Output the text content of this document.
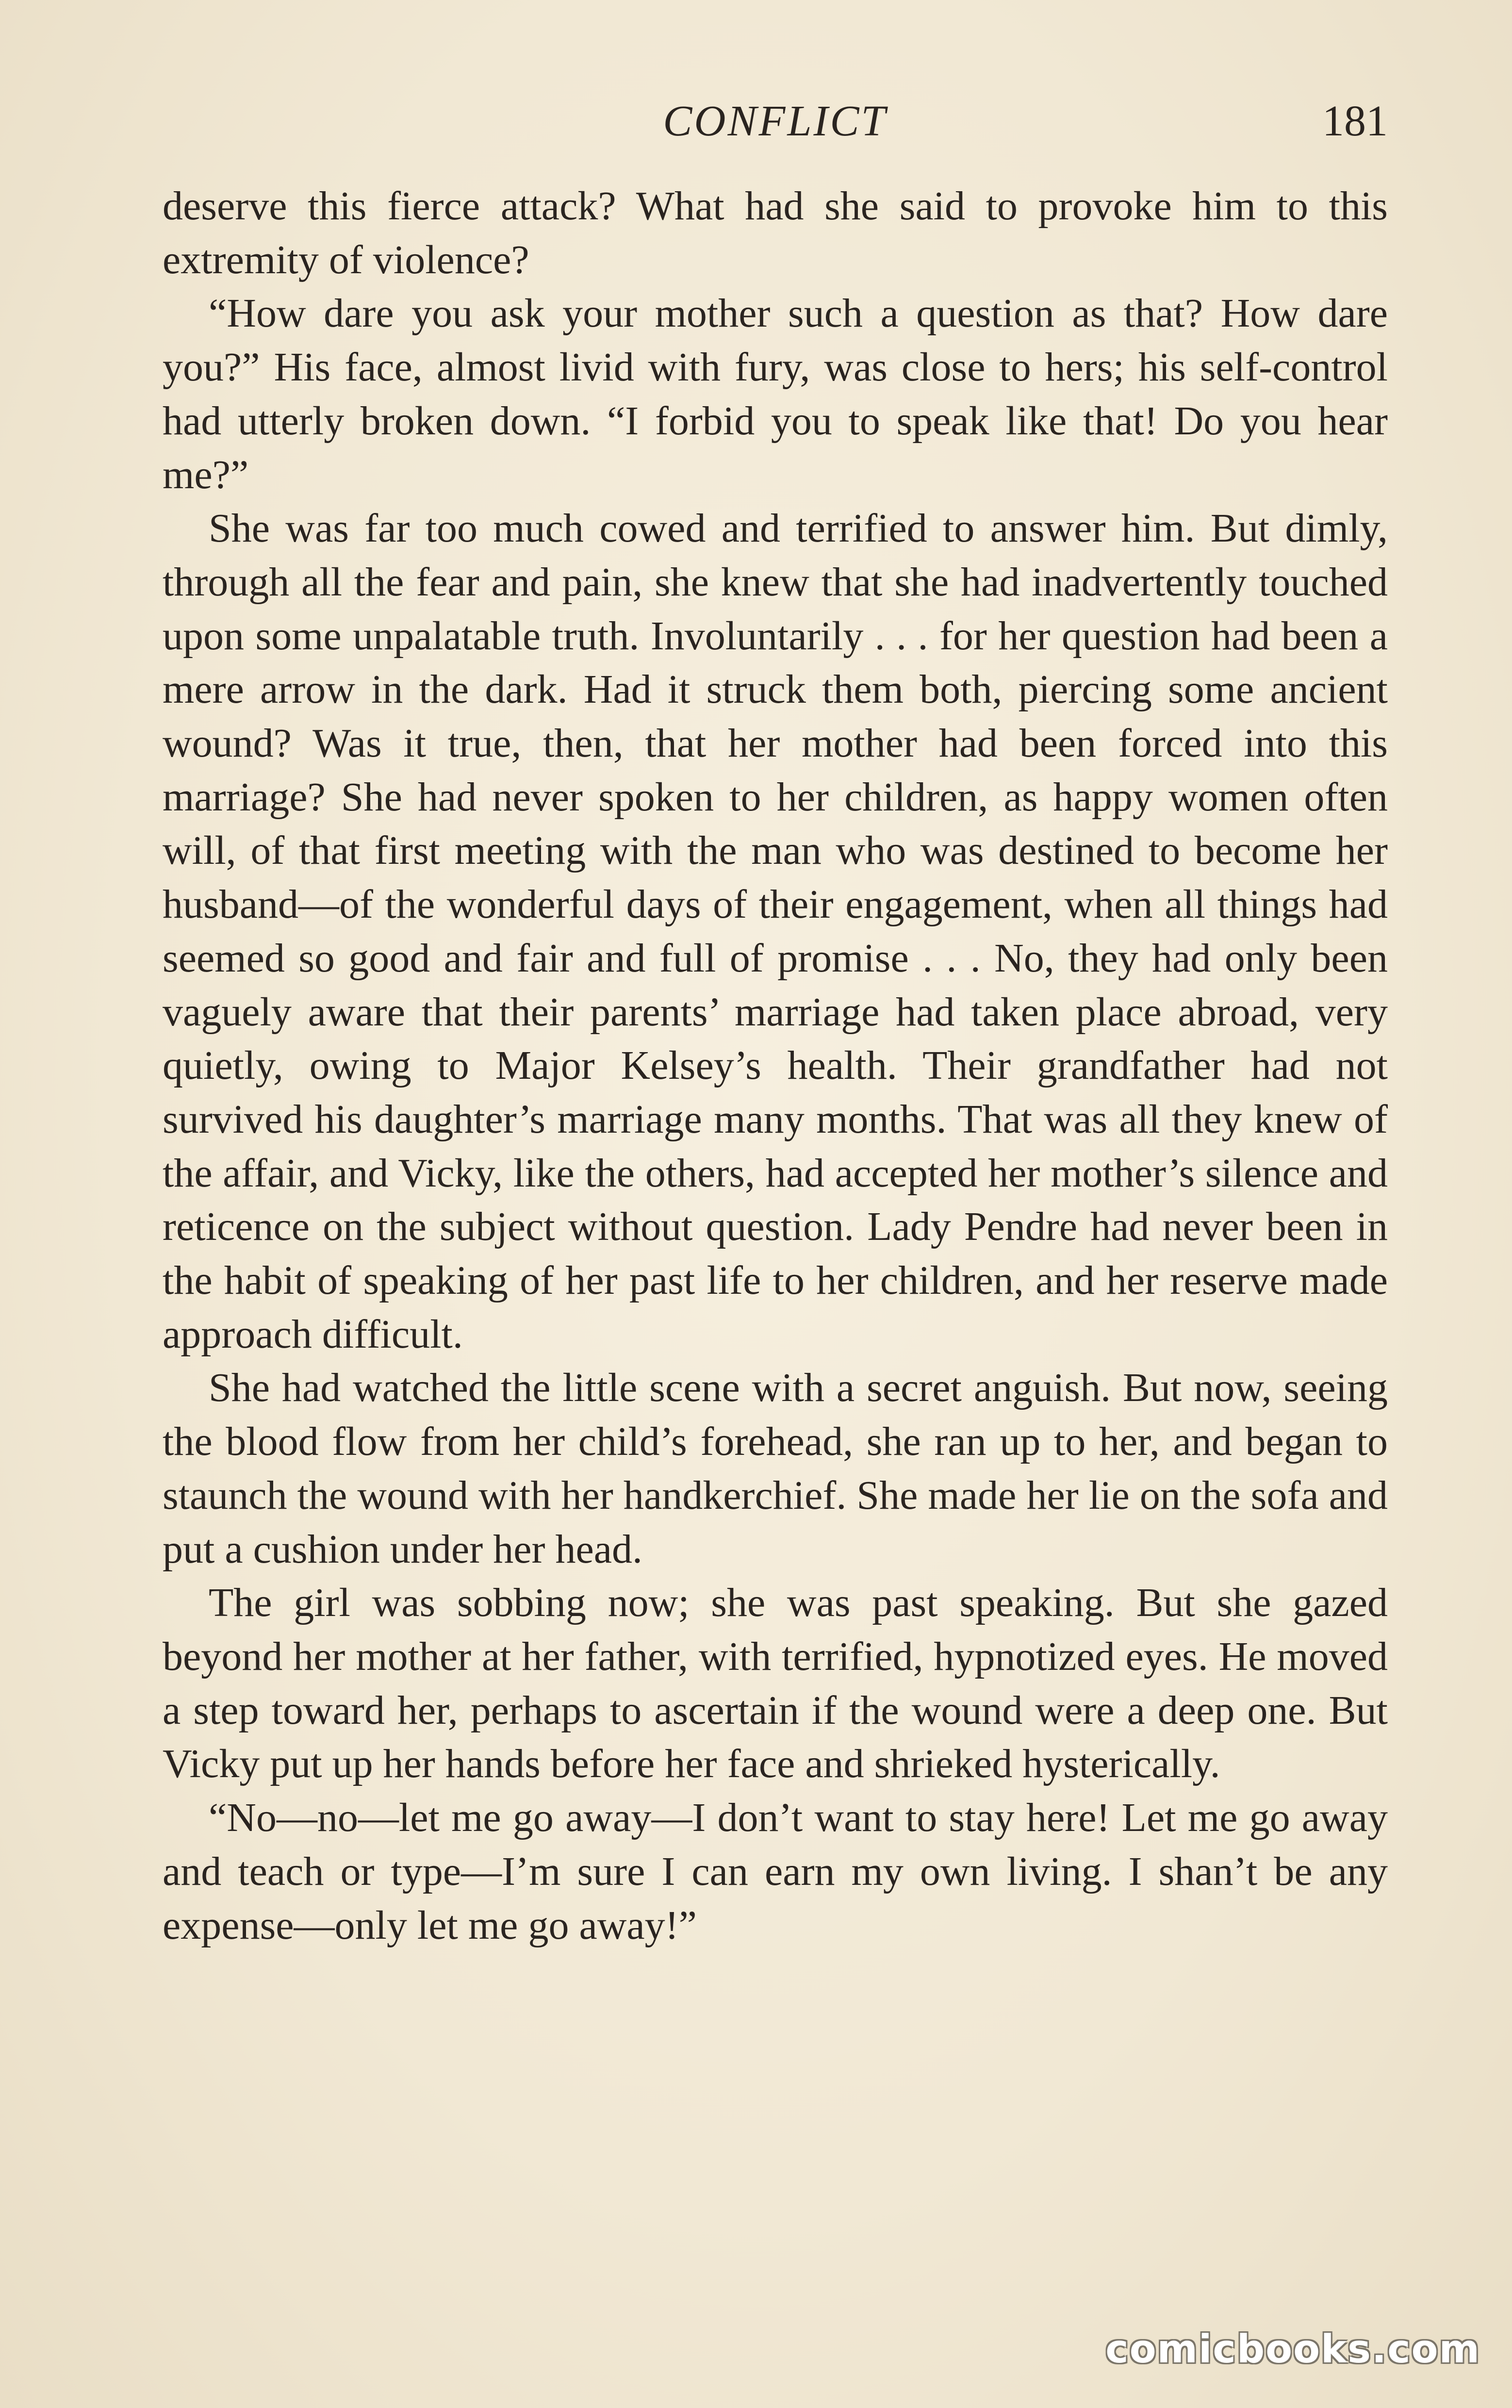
CONFLICT	181

deserve this fierce attack? What had she said to provoke him to this extremity of violence?

“How dare you ask your mother such a question as that? How dare you?” His face, almost livid with fury, was close to hers; his self-control had utterly broken down. “I forbid you to speak like that! Do you hear me?”

She was far too much cowed and terrified to answer him. But dimly, through all the fear and pain, she knew that she had inadvertently touched upon some unpalatable truth. Involuntarily . . . for her question had been a mere arrow in the dark. Had it struck them both, piercing some ancient wound? Was it true, then, that her mother had been forced into this marriage? She had never spoken to her children, as happy women often will, of that first meeting with the man who was destined to become her husband—of the wonderful days of their engagement, when all things had seemed so good and fair and full of promise . . . No, they had only been vaguely aware that their parents’ marriage had taken place abroad, very quietly, owing to Major Kelsey’s health. Their grandfather had not survived his daughter’s marriage many months. That was all they knew of the affair, and Vicky, like the others, had accepted her mother’s silence and reticence on the subject without question. Lady Pendre had never been in the habit of speaking of her past life to her children, and her reserve made approach difficult.

She had watched the little scene with a secret anguish. But now, seeing the blood flow from her child’s forehead, she ran up to her, and began to staunch the wound with her handkerchief. She made her lie on the sofa and put a cushion under her head.

The girl was sobbing now; she was past speaking. But she gazed beyond her mother at her father, with terrified, hypnotized eyes. He moved a step toward her, perhaps to ascertain if the wound were a deep one. But Vicky put up her hands before her face and shrieked hysterically.

“No—no—let me go away—I don’t want to stay here! Let me go away and teach or type—I’m sure I can earn my own living. I shan’t be any expense—only let me go away!”

comicbooks.com
